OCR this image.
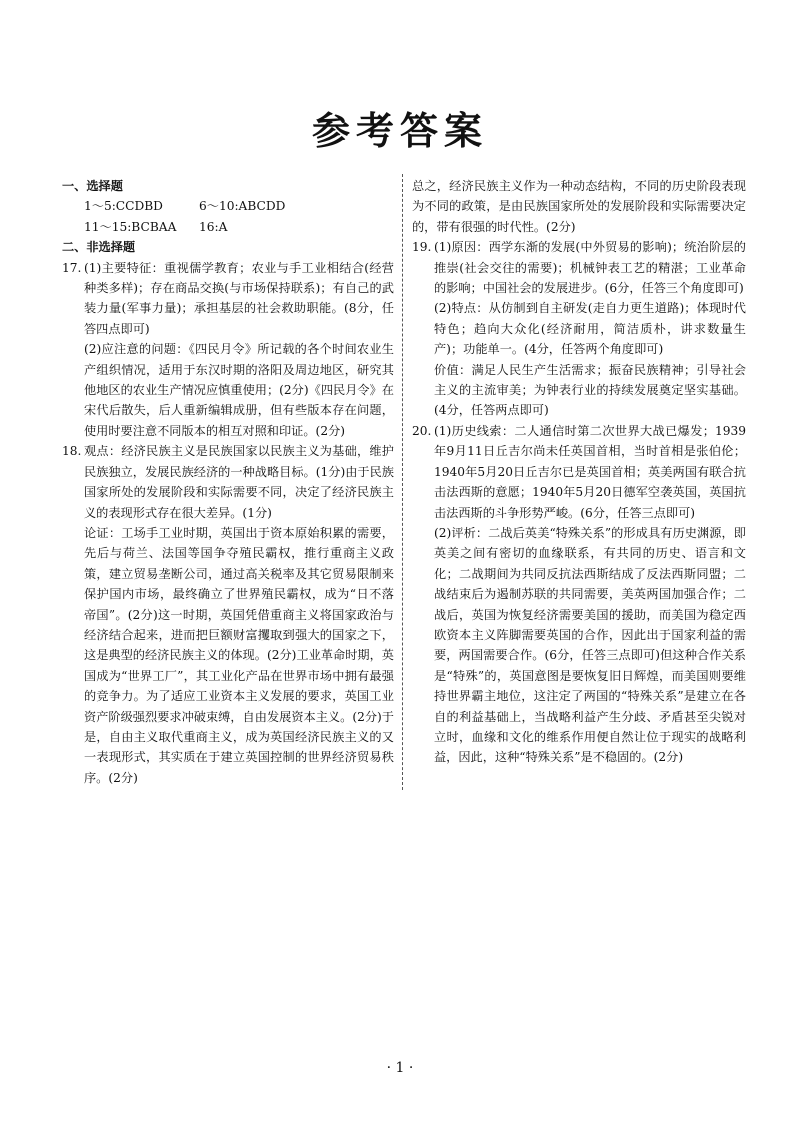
参考答案
一、选择题
1～5:CCDBD	6～10:ABCDD
11～15:BCBAA 16:A
二、非选择题
17. (1)主要特征：重视儒学教育；农业与手工业相结合(经营种类多样)；存在商品交换(与市场保持联系)；有自己的武装力量(军事力量)；承担基层的社会救助职能。(8分，任答四点即可)

(2)应注意的问题：《四民月令》所记载的各个时间农业生产组织情况，适用于东汉时期的洛阳及周边地区，研究其他地区的农业生产情况应慎重使用；(2分)《四民月令》在宋代后散失，后人重新编辑成册，但有些版本存在问题，使用时要注意不同版本的相互对照和印证。(2分)

18. 观点：经济民族主义是民族国家以民族主义为基础，维护民族独立，发展民族经济的一种战略目标。(1分)由于民族国家所处的发展阶段和实际需要不同，决定了经济民族主义的表现形式存在很大差异。(1分)

论证：工场手工业时期，英国出于资本原始积累的需要，先后与荷兰、法国等国争夺殖民霸权，推行重商主义政策，建立贸易垄断公司，通过高关税率及其它贸易限制来保护国内市场，最终确立了世界殖民霸权，成为“日不落帝国”。(2分)这一时期，英国凭借重商主义将国家政治与经济结合起来，进而把巨额财富攫取到强大的国家之下，这是典型的经济民族主义的体现。(2分)工业革命时期，英国成为“世界工厂”，其工业化产品在世界市场中拥有最强的竞争力。为了适应工业资本主义发展的要求，英国工业资产阶级强烈要求冲破束缚，自由发展资本主义。(2分)于是，自由主义取代重商主义，成为英国经济民族主义的又一表现形式，其实质在于建立英国控制的世界经济贸易秩序。(2分)

总之，经济民族主义作为一种动态结构，不同的历史阶段表现为不同的政策，是由民族国家所处的发展阶段和实际需要决定的，带有很强的时代性。(2分)

19. (1)原因：西学东渐的发展(中外贸易的影响)；统治阶层的推崇(社会交往的需要)；机械钟表工艺的精湛；工业革命的影响；中国社会的发展进步。(6分，任答三个角度即可)

(2)特点：从仿制到自主研发(走自力更生道路)；体现时代特色；趋向大众化(经济耐用，简洁质朴，讲求数量生产)；功能单一。(4分，任答两个角度即可)

价值：满足人民生产生活需求；振奋民族精神；引导社会主义的主流审美；为钟表行业的持续发展奠定坚实基础。(4分，任答两点即可)

20. (1)历史线索：二人通信时第二次世界大战已爆发；1939年9月11日丘吉尔尚未任英国首相，当时首相是张伯伦；1940年5月20日丘吉尔已是英国首相；英美两国有联合抗击法西斯的意愿；1940年5月20日德军空袭英国，英国抗击法西斯的斗争形势严峻。(6分，任答三点即可)

(2)评析：二战后英美“特殊关系”的形成具有历史渊源，即英美之间有密切的血缘联系，有共同的历史、语言和文化；二战期间为共同反抗法西斯结成了反法西斯同盟；二战结束后为遏制苏联的共同需要，美英两国加强合作；二战后，英国为恢复经济需要美国的援助，而美国为稳定西欧资本主义阵脚需要英国的合作，因此出于国家利益的需要，两国需要合作。(6分，任答三点即可)但这种合作关系是“特殊”的，英国意图是要恢复旧日辉煌，而美国则要维持世界霸主地位，这注定了两国的“特殊关系”是建立在各自的利益基础上，当战略利益产生分歧、矛盾甚至尖锐对立时，血缘和文化的维系作用便自然让位于现实的战略利益，因此，这种“特殊关系”是不稳固的。(2分)

· 1 ·
